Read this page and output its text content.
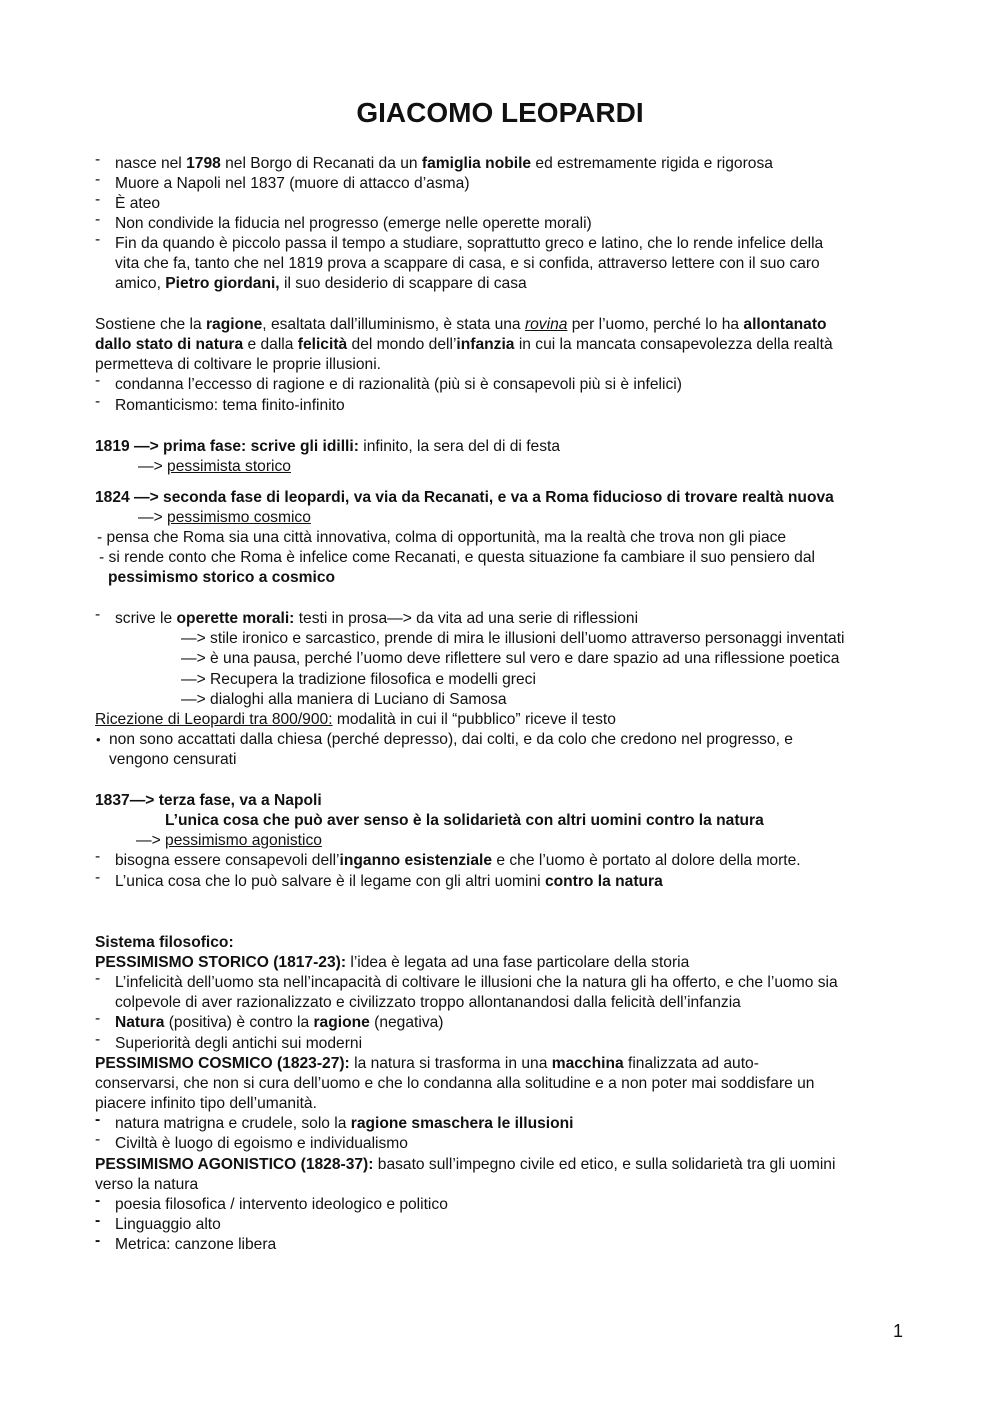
GIACOMO LEOPARDI
- nasce nel 1798 nel Borgo di Recanati da un famiglia nobile ed estremamente rigida e rigorosa
- Muore a Napoli nel 1837 (muore di attacco d’asma)
- È ateo
- Non condivide la fiducia nel progresso (emerge nelle operette morali)
- Fin da quando è piccolo passa il tempo a studiare, soprattutto greco e latino, che lo rende infelice della
vita che fa, tanto che nel 1819 prova a scappare di casa, e si confida, attraverso lettere con il suo caro
amico, Pietro giordani, il suo desiderio di scappare di casa
Sostiene che la ragione, esaltata dall’illuminismo, è stata una rovina per l’uomo, perché lo ha allontanato
dallo stato di natura e dalla felicità del mondo dell’infanzia in cui la mancata consapevolezza della realtà
permetteva di coltivare le proprie illusioni.
- condanna l’eccesso di ragione e di razionalità (più si è consapevoli più si è infelici)
- Romanticismo: tema finito-infinito
1819 —> prima fase: scrive gli idilli: infinito, la sera del di di festa
—> pessimista storico
1824 —> seconda fase di leopardi, va via da Recanati, e va a Roma fiducioso di trovare realtà nuova
—> pessimismo cosmico
- pensa che Roma sia una città innovativa, colma di opportunità, ma la realtà che trova non gli piace
- si rende conto che Roma è infelice come Recanati, e questa situazione fa cambiare il suo pensiero dal
pessimismo storico a cosmico
- scrive le operette morali: testi in prosa—> da vita ad una serie di riflessioni
—> stile ironico e sarcastico, prende di mira le illusioni dell’uomo attraverso personaggi inventati
—> è una pausa, perché l’uomo deve riflettere sul vero e dare spazio ad una riflessione poetica
—> Recupera la tradizione filosofica e modelli greci
—> dialoghi alla maniera di Luciano di Samosa
Ricezione di Leopardi tra 800/900: modalità in cui il “pubblico” riceve il testo
• non sono accattati dalla chiesa (perché depresso), dai colti, e da colo che credono nel progresso, e
vengono censurati
1837—> terza fase, va a Napoli
L’unica cosa che può aver senso è la solidarietà con altri uomini contro la natura
—> pessimismo agonistico
- bisogna essere consapevoli dell’inganno esistenziale e che l’uomo è portato al dolore della morte.
- L’unica cosa che lo può salvare è il legame con gli altri uomini contro la natura
Sistema filosofico:
PESSIMISMO STORICO (1817-23): l’idea è legata ad una fase particolare della storia
- L’infelicità dell’uomo sta nell’incapacità di coltivare le illusioni che la natura gli ha offerto, e che l’uomo sia
colpevole di aver razionalizzato e civilizzato troppo allontanandosi dalla felicità dell’infanzia
- Natura (positiva) è contro la ragione (negativa)
- Superiorità degli antichi sui moderni
PESSIMISMO COSMICO (1823-27): la natura si trasforma in una macchina finalizzata ad auto-
conservarsi, che non si cura dell’uomo e che lo condanna alla solitudine e a non poter mai soddisfare un
piacere infinito tipo dell’umanità.
- natura matrigna e crudele, solo la ragione smaschera le illusioni
- Civiltà è luogo di egoismo e individualismo
PESSIMISMO AGONISTICO (1828-37): basato sull’impegno civile ed etico, e sulla solidarietà tra gli uomini
verso la natura
- poesia filosofica / intervento ideologico e politico
- Linguaggio alto
- Metrica: canzone libera
1
